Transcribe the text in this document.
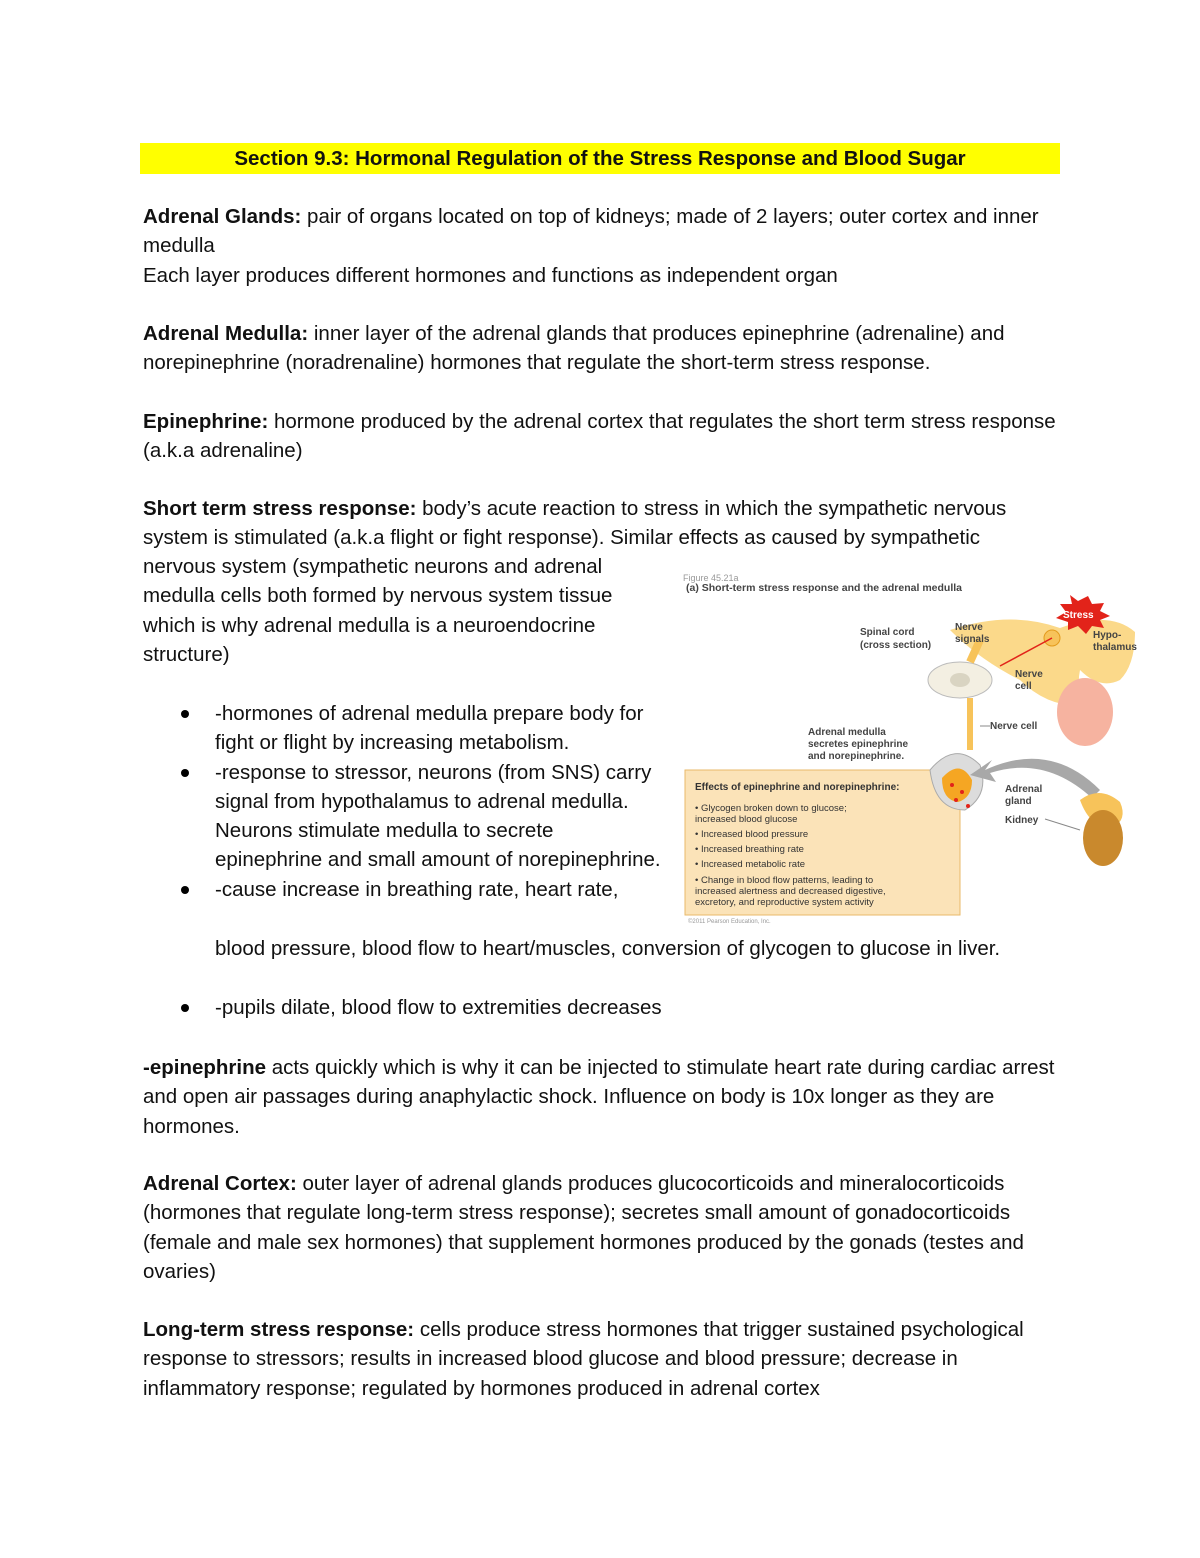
Section 9.3: Hormonal Regulation of the Stress Response and Blood Sugar

Adrenal Glands: pair of organs located on top of kidneys; made of 2 layers; outer cortex and inner medulla
Each layer produces different hormones and functions as independent organ

Adrenal Medulla: inner layer of the adrenal glands that produces epinephrine (adrenaline) and norepinephrine (noradrenaline) hormones that regulate the short-term stress response.

Epinephrine: hormone produced by the adrenal cortex that regulates the short term stress response (a.k.a adrenaline)

Short term stress response: body’s acute reaction to stress in which the sympathetic nervous system is stimulated (a.k.a flight or fight response). Similar effects as caused by sympathetic

nervous system (sympathetic neurons and adrenal medulla cells both formed by nervous system tissue which is why adrenal medulla is a neuroendocrine structure)

-hormones of adrenal medulla prepare body for fight or flight by increasing metabolism.
-response to stressor, neurons (from SNS) carry signal from hypothalamus to adrenal medulla. Neurons stimulate medulla to secrete epinephrine and small amount of norepinephrine.
-cause increase in breathing rate, heart rate,

blood pressure, blood flow to heart/muscles, conversion of glycogen to glucose in liver.

-pupils dilate, blood flow to extremities decreases

-epinephrine acts quickly which is why it can be injected to stimulate heart rate during cardiac arrest and open air passages during anaphylactic shock. Influence on body is 10x longer as they are hormones.

Adrenal Cortex: outer layer of adrenal glands produces glucocorticoids and mineralocorticoids (hormones that regulate long-term stress response); secretes small amount of gonadocorticoids (female and male sex hormones) that supplement hormones produced by the gonads (testes and ovaries)

Long-term stress response: cells produce stress hormones that trigger sustained psychological response to stressors; results in increased blood glucose and blood pressure; decrease in inflammatory response; regulated by hormones produced in adrenal cortex

Figure 45.21a
(a) Short-term stress response and the adrenal medulla
Stress
Hypo-
thalamus
Spinal cord
(cross section)
Nerve
signals
Nerve
cell
Nerve cell
Adrenal medulla
secretes epinephrine
and norepinephrine.
Effects of epinephrine and norepinephrine:
• Glycogen broken down to glucose;
increased blood glucose
• Increased blood pressure
• Increased breathing rate
• Increased metabolic rate
• Change in blood flow patterns, leading to
increased alertness and decreased digestive,
excretory, and reproductive system activity
©2011 Pearson Education, Inc.
Adrenal
gland
Kidney
